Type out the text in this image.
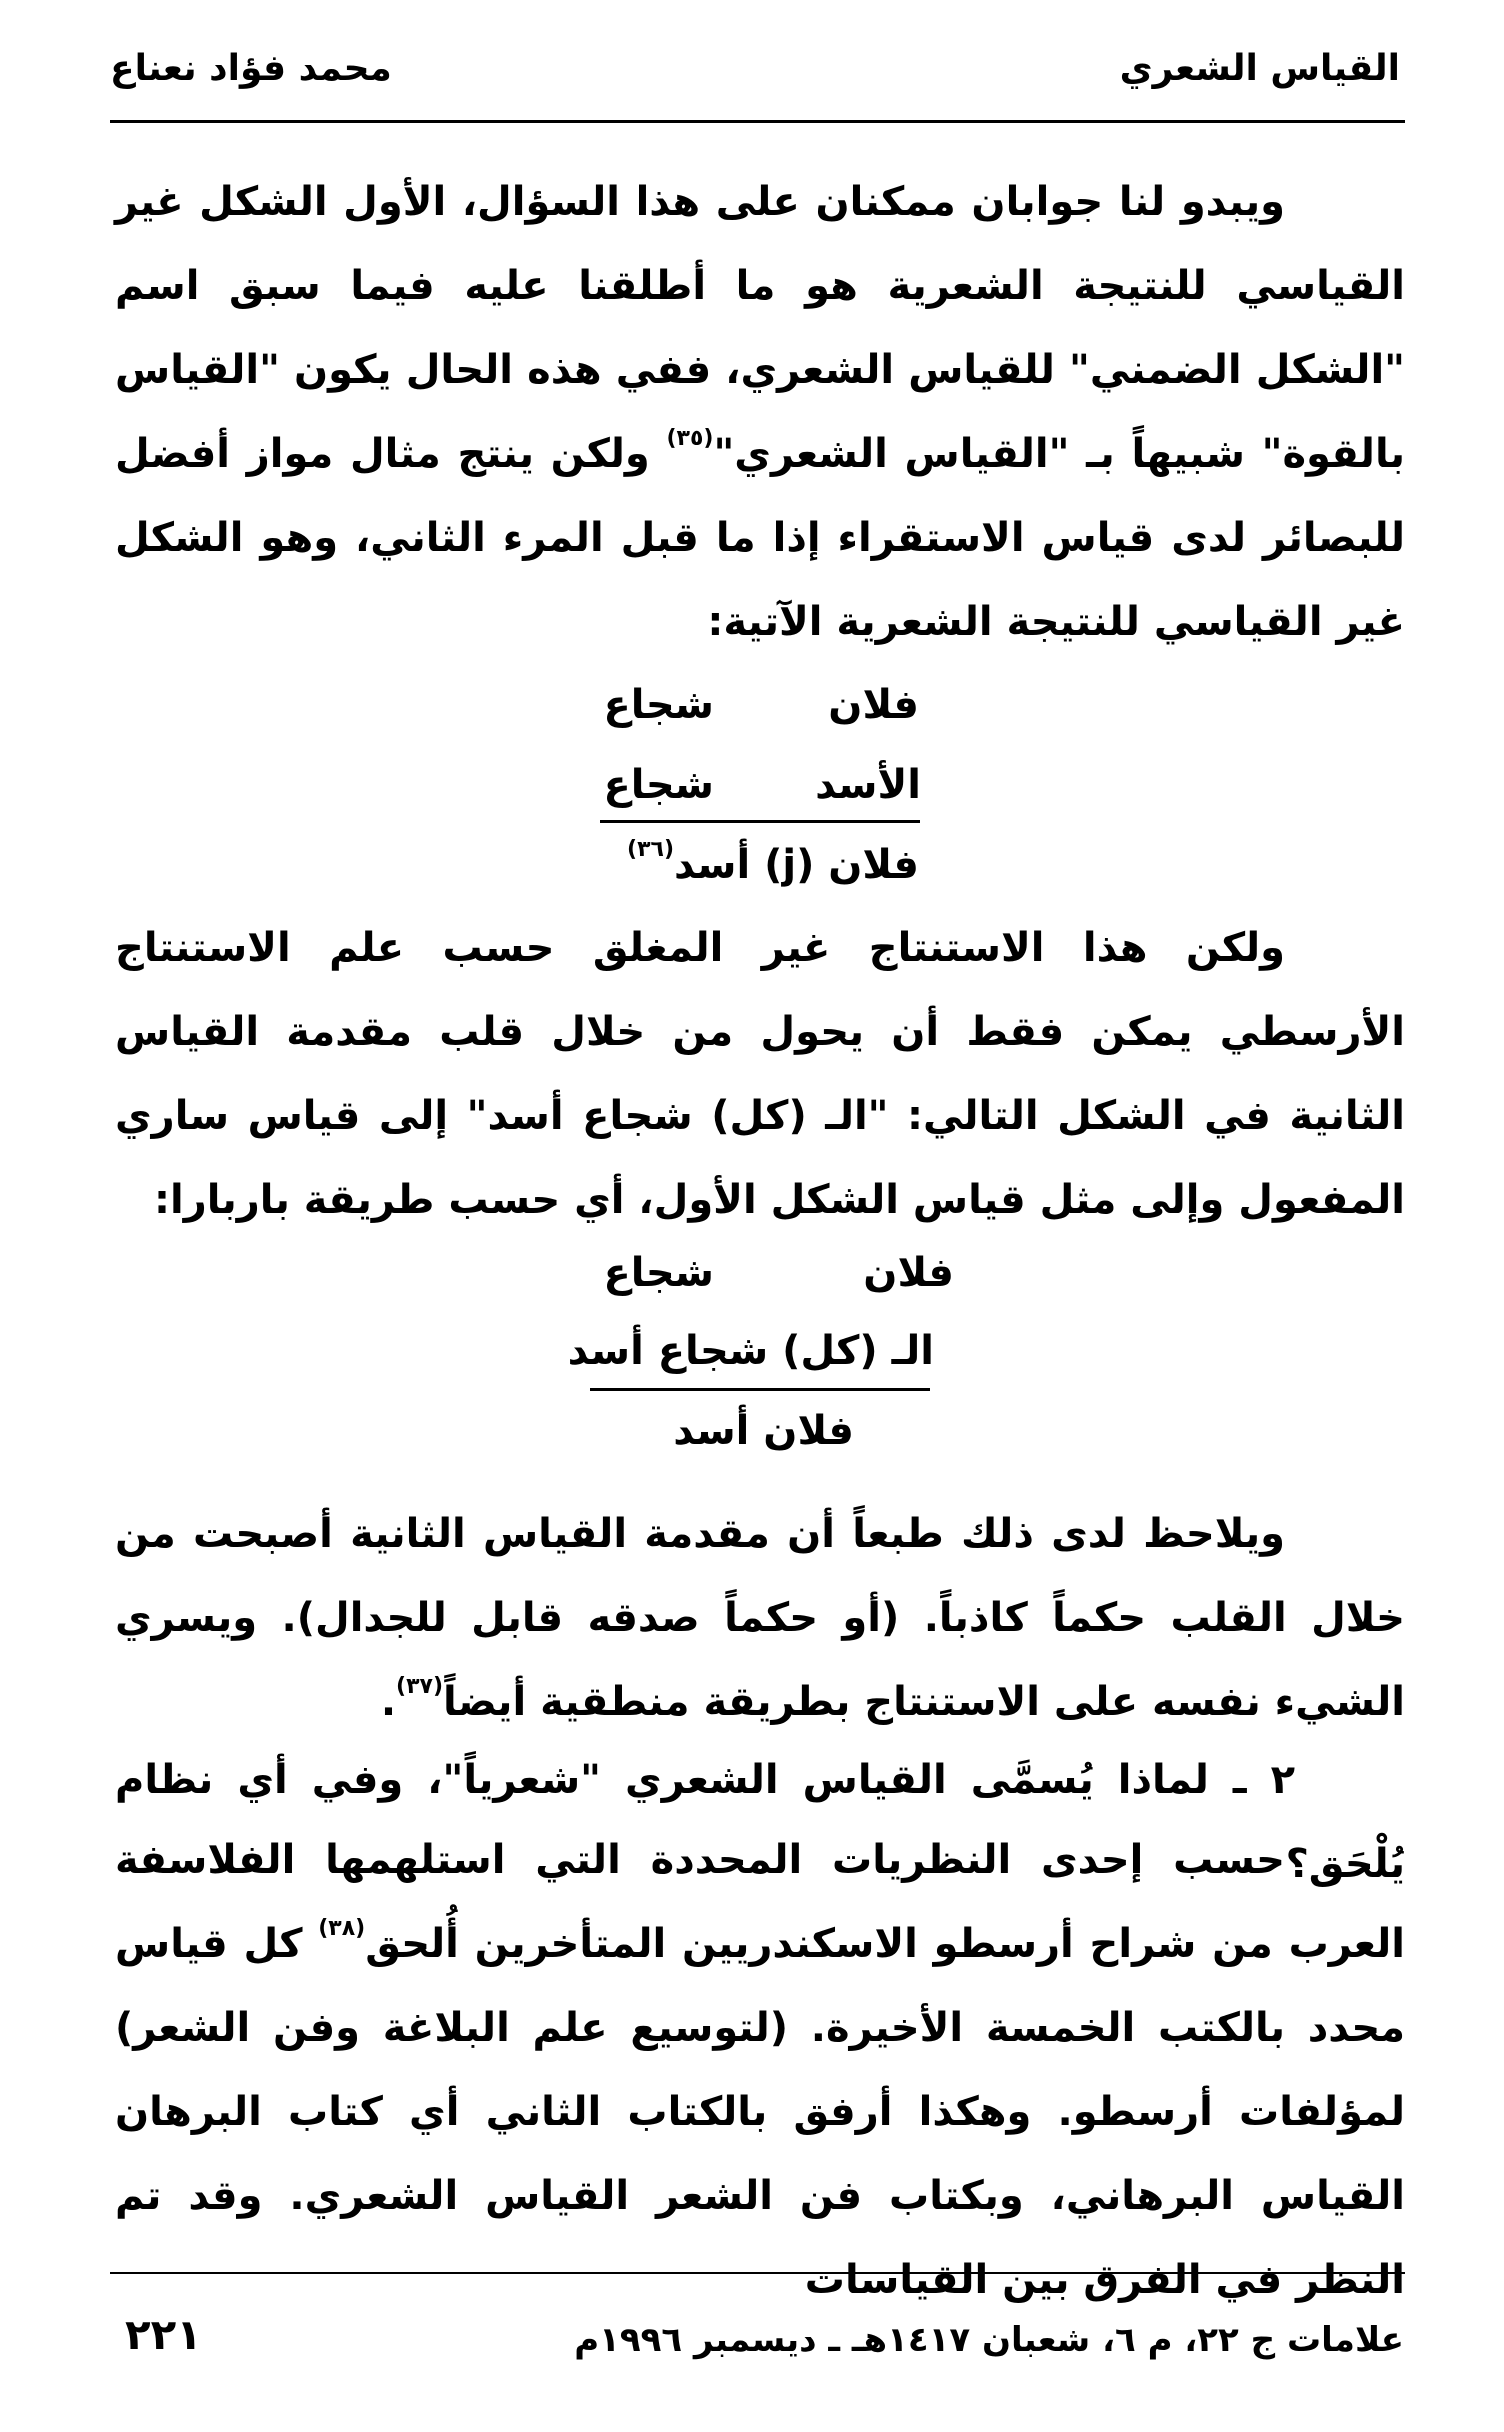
القياس الشعري
محمد فؤاد نعناع

ويبدو لنا جوابان ممكنان على هذا السؤال، الأول الشكل غير القياسي للنتيجة الشعرية هو ما أطلقنا عليه فيما سبق اسم "الشكل الضمني" للقياس الشعري، ففي هذه الحال يكون "القياس بالقوة" شبيهاً بـ "القياس الشعري"$^{(٣٥)}$ ولكن ينتج مثال مواز أفضل للبصائر لدى قياس الاستقراء إذا ما قبل المرء الثاني، وهو الشكل غير القياسي للنتيجة الشعرية الآتية:

فلان
شجاع
الأسد
شجاع
فلان (j) أسد$^{(٣٦)}$

ولكن هذا الاستنتاج غير المغلق حسب علم الاستنتاج الأرسطي يمكن فقط أن يحول من خلال قلب مقدمة القياس الثانية في الشكل التالي: "الـ (كل) شجاع أسد" إلى قياس ساري المفعول وإلى مثل قياس الشكل الأول، أي حسب طريقة باربارا:

فلان
شجاع
الـ (كل) شجاع أسد
فلان أسد

ويلاحظ لدى ذلك طبعاً أن مقدمة القياس الثانية أصبحت من خلال القلب حكماً كاذباً. (أو حكماً صدقه قابل للجدال). ويسري الشيء نفسه على الاستنتاج بطريقة منطقية أيضاً$^{(٣٧)}$.

٢ ـ لماذا يُسمَّى القياس الشعري "شعرياً"، وفي أي نظام يُلْحَق؟

حسب إحدى النظريات المحددة التي استلهمها الفلاسفة العرب من شراح أرسطو الاسكندريين المتأخرين أُلحق$^{(٣٨)}$ كل قياس محدد بالكتب الخمسة الأخيرة. (لتوسيع علم البلاغة وفن الشعر) لمؤلفات أرسطو. وهكذا أرفق بالكتاب الثاني أي كتاب البرهان القياس البرهاني، وبكتاب فن الشعر القياس الشعري. وقد تم النظر في الفرق بين القياسات

علامات ج ٢٢، م ٦، شعبان ١٤١٧هـ ـ ديسمبر ١٩٩٦م
٢٢١
